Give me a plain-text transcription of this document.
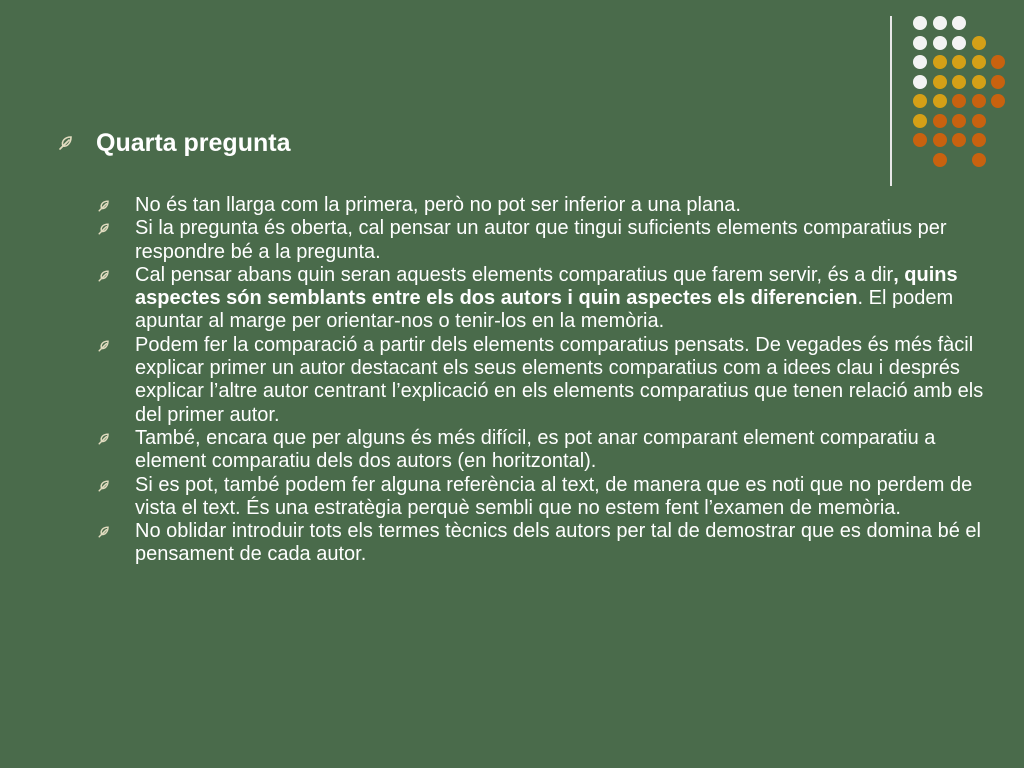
Quarta pregunta
No és tan llarga com la primera, però no pot ser inferior a una plana.
Si la pregunta és oberta, cal pensar un autor que tingui suficients elements comparatius per respondre bé a la pregunta.
Cal pensar abans quin seran aquests elements comparatius que farem servir, és a dir, quins aspectes són semblants entre els dos autors i quin aspectes els diferencien. El podem apuntar al marge per orientar-nos o tenir-los en la memòria.
Podem fer la comparació a partir dels elements comparatius pensats. De vegades és més fàcil explicar primer un autor destacant els seus elements comparatius com a idees clau i després explicar l’altre autor centrant l’explicació en els elements comparatius que tenen relació amb els del primer autor.
També, encara que per alguns és més difícil, es pot anar comparant element comparatiu a element comparatiu dels dos autors (en horitzontal).
Si es pot, també podem fer alguna referència al text, de manera que es noti que no perdem de vista el text. És una estratègia perquè sembli que no estem fent l’examen de memòria.
No oblidar introduir tots els termes tècnics dels autors per tal de demostrar que es domina bé el pensament de cada autor.
